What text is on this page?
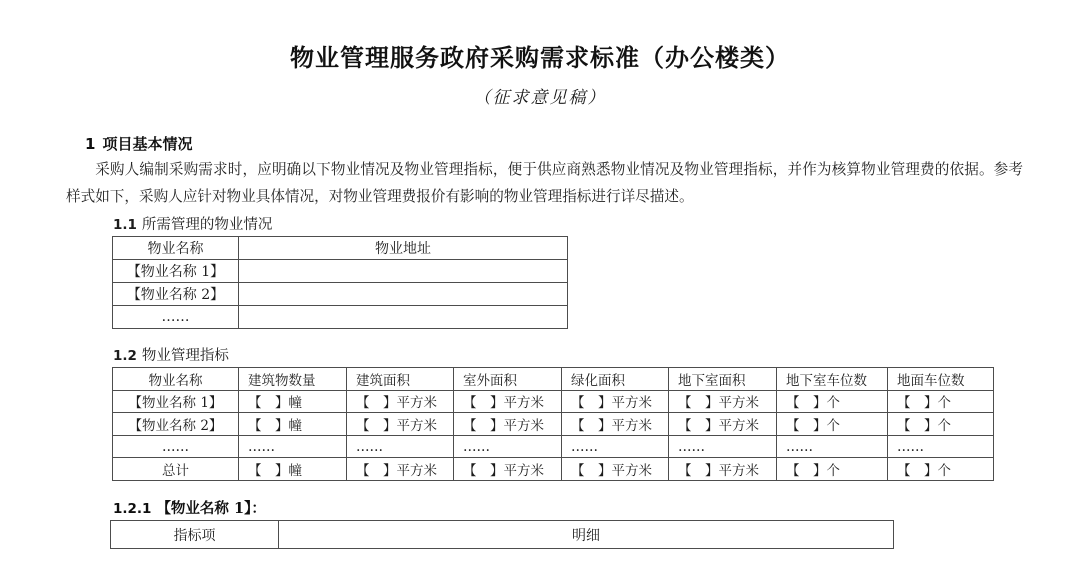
物业管理服务政府采购需求标准（办公楼类）
（征求意见稿）
1 项目基本情况

采购人编制采购需求时，应明确以下物业情况及物业管理指标，便于供应商熟悉物业情况及物业管理指标，并作为核算物业管理费的依据。参考样式如下，采购人应针对物业具体情况，对物业管理费报价有影响的物业管理指标进行详尽描述。

1.1 所需管理的物业情况
物业名称	物业地址
【物业名称 1】	
【物业名称 2】	
……	
1.2 物业管理指标
物业名称	建筑物数量	建筑面积	室外面积	绿化面积	地下室面积	地下室车位数	地面车位数
【物业名称 1】	【　】幢	【　】平方米	【　】平方米	【　】平方米	【　】平方米	【　】个	【　】个
【物业名称 2】	【　】幢	【　】平方米	【　】平方米	【　】平方米	【　】平方米	【　】个	【　】个
……	……	……	……	……	……	……	……
总计	【　】幢	【　】平方米	【　】平方米	【　】平方米	【　】平方米	【　】个	【　】个
1.2.1 【物业名称 1】：
指标项	明细
